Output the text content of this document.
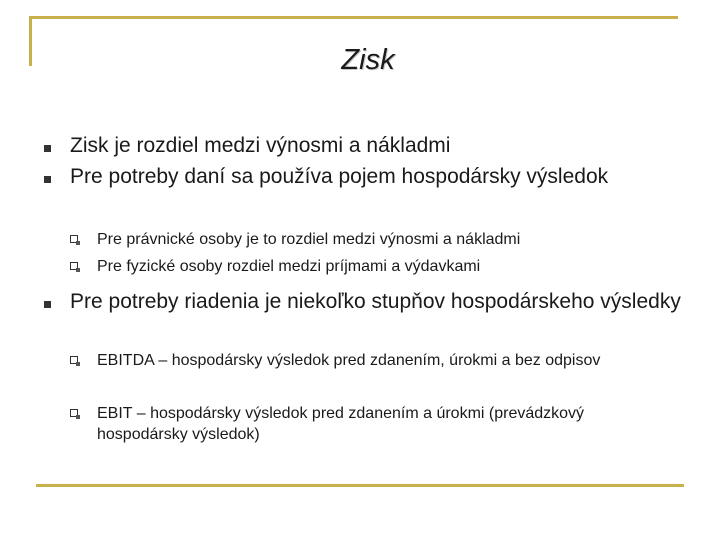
Zisk
Zisk je rozdiel medzi výnosmi a nákladmi
Pre potreby daní sa používa pojem hospodársky výsledok
Pre právnické osoby je to rozdiel medzi výnosmi a nákladmi
Pre fyzické osoby rozdiel medzi príjmami a výdavkami
Pre potreby riadenia je niekoľko stupňov hospodárskeho výsledky
EBITDA – hospodársky výsledok pred zdanením, úrokmi a bez odpisov
EBIT – hospodársky výsledok pred zdanením a úrokmi (prevádzkový hospodársky výsledok)
